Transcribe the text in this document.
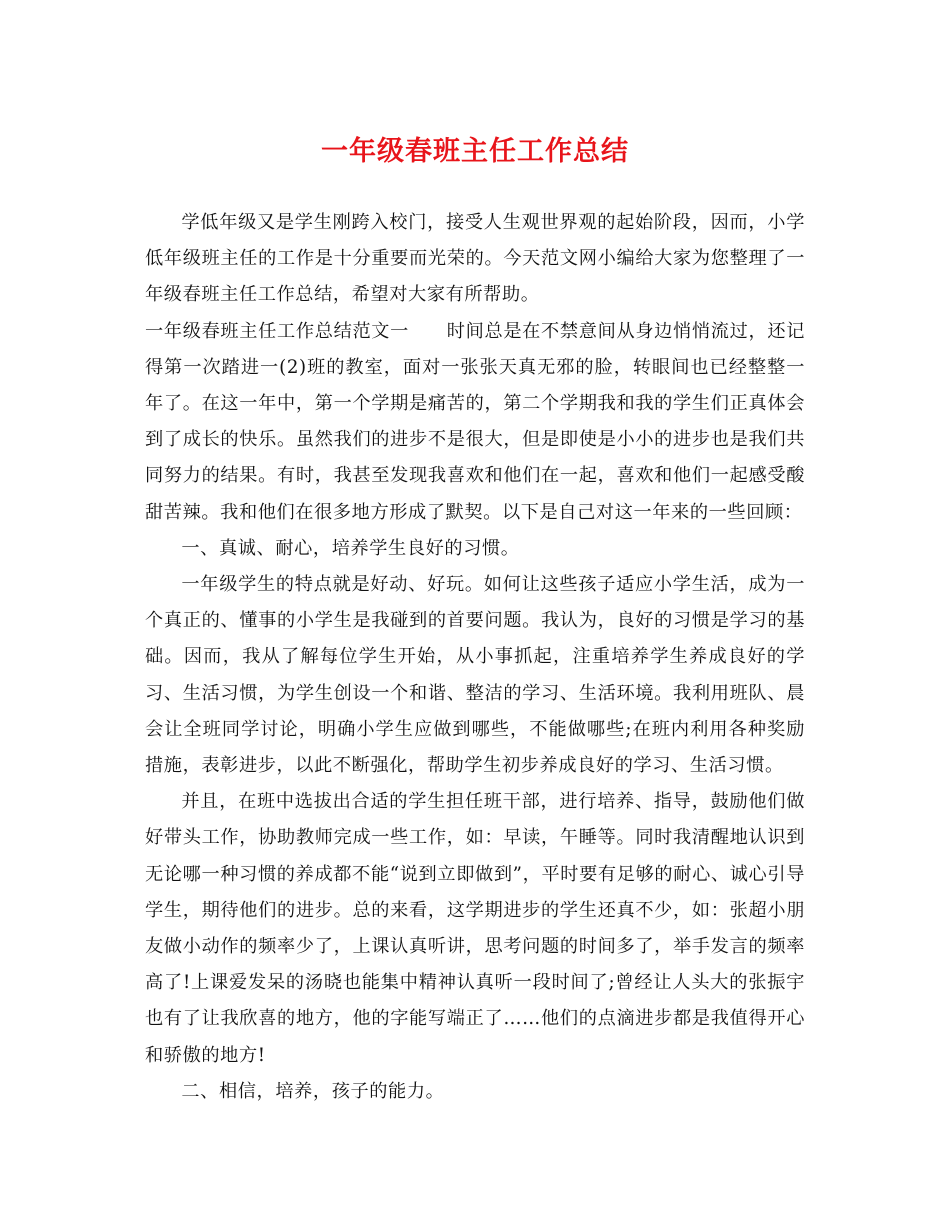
一年级春班主任工作总结

学低年级又是学生刚跨入校门，接受人生观世界观的起始阶段，因而，小学低年级班主任的工作是十分重要而光荣的。今天范文网小编给大家为您整理了一年级春班主任工作总结，希望对大家有所帮助。

一年级春班主任工作总结范文一　　时间总是在不禁意间从身边悄悄流过，还记得第一次踏进一(2)班的教室，面对一张张天真无邪的脸，转眼间也已经整整一年了。在这一年中，第一个学期是痛苦的，第二个学期我和我的学生们正真体会到了成长的快乐。虽然我们的进步不是很大，但是即使是小小的进步也是我们共同努力的结果。有时，我甚至发现我喜欢和他们在一起，喜欢和他们一起感受酸甜苦辣。我和他们在很多地方形成了默契。以下是自己对这一年来的一些回顾：

一、真诚、耐心，培养学生良好的习惯。

一年级学生的特点就是好动、好玩。如何让这些孩子适应小学生活，成为一个真正的、懂事的小学生是我碰到的首要问题。我认为，良好的习惯是学习的基础。因而，我从了解每位学生开始，从小事抓起，注重培养学生养成良好的学习、生活习惯，为学生创设一个和谐、整洁的学习、生活环境。我利用班队、晨会让全班同学讨论，明确小学生应做到哪些，不能做哪些;在班内利用各种奖励措施，表彰进步，以此不断强化，帮助学生初步养成良好的学习、生活习惯。

并且，在班中选拔出合适的学生担任班干部，进行培养、指导，鼓励他们做好带头工作，协助教师完成一些工作，如：早读，午睡等。同时我清醒地认识到无论哪一种习惯的养成都不能“说到立即做到”，平时要有足够的耐心、诚心引导学生，期待他们的进步。总的来看，这学期进步的学生还真不少，如：张超小朋友做小动作的频率少了，上课认真听讲，思考问题的时间多了，举手发言的频率高了!上课爱发呆的汤晓也能集中精神认真听一段时间了;曾经让人头大的张振宇也有了让我欣喜的地方，他的字能写端正了……他们的点滴进步都是我值得开心和骄傲的地方!

二、相信，培养，孩子的能力。
